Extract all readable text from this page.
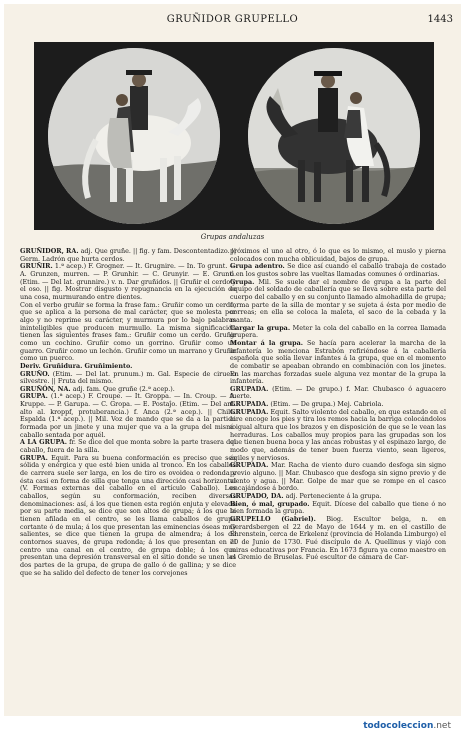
GRUÑIDOR GRUPELLO	1443
Grupas andaluzas

GRUÑIDOR, RA. adj. Que gruñe. || fig. y fam. Descontentadizo. || Germ. Ladrón que hurta cerdos.

GRUÑIR. 1.ª acep.) F. Grogner. — It. Grugnire. — In. To grunt. — A. Grunzen, murren. — P. Grunhir. — C. Grunyir. — E. Grunti. (Etim. — Del lat. grunnire.) v. n. Dar gruñidos. || Gruñir el cerdo y el oso. || fig. Mostrar disgusto y repugnancia en la ejecución de una cosa, murmurando entre dientes.

Con el verbo gruñir se forma la frase fam.: Gruñir como un cerdo, que se aplica a la persona de mal carácter, que se molesta por algo y no reprime su carácter, y murmura por lo bajo palabras ininteligibles que producen murmullo. La misma significación tienen las siguientes frases fam.: Gruñir como un cerdo. Gruñir como un cochino. Gruñir como un gorrino. Gruñir como un guarro. Gruñir como un lechón. Gruñir como un marrano y Gruñir como un puerco.

Deriv. Gruñidura. Gruñimiento.

GRUÑO. (Etim. — Del lat. prunum.) m. Gal. Especie de ciruelo silvestre. || Fruta del mismo.

GRUÑÓN, NA. adj. fam. Que gruñe (2.ª acep.).

GRUPA. (1.ª acep.) F. Croupe. — It. Groppa. — In. Croup. — A. Kruppe. — P. Garupa. — C. Gropa. — E. Postaĵo. (Etim. — Del ant. alto al. kroppf, protuberancia.) f. Anca (2.ª acep.). || Chile. Espalda (1.ª acep.). || Mil. Voz de mando que se da a la partida formada por un jinete y una mujer que va a la grupa del mismo caballo sentada por aquél.

A LA GRUPA. fr. Se dice del que monta sobre la parte trasera del caballo, fuera de la silla.

GRUPA. Equit. Para su buena conformación es preciso que sea sólida y enérgica y que esté bien unida al tronco. En los caballos de carrera suele ser larga, en los de tiro es ovoidea o redonda y ésta casi en forma de silla que tenga una dirección casi horizontal (V. Formas externas del caballo en el artículo Caballo). Los caballos, según su conformación, reciben diversas denominaciones: así, á los que tienen esta región enjuta y elevada por su parte media, se dice que son altos de grupa; á los que la tienen afilada en el centro, se les llama caballos de grupa cortante ó de mula; á los que presentan las eminencias óseas muy salientes, se dice que tienen la grupa de almendra; á los de contornos suaves, de grupa redonda; á los que presentan en el centro una canal en el centro, de grupa doble; á los que presentan una depresión transversal en el sitio donde se unen las dos partes de la grupa, de grupa de gallo ó de gallina; y se dice que se ha salido del defecto de tener los corvejones

próximos el uno al otro, ó lo que es lo mismo, el muslo y pierna colocados con mucha oblicuidad, bajos de grupa.

Grupa adentro. Se dice así cuando el caballo trabaja de costado ó en los gustos sobre las vueltas llamadas comunes ó ordinarias.

Grupa. Mil. Se suele dar el nombre de grupa a la parte del equipo del soldado de caballería que se lleva sobre esta parte del cuerpo del caballo y en su conjunto llamado almohadilla de grupa; forma parte de la silla de montar y se sujeta á ésta por medio de correas; en ella se coloca la maleta, el saco de la cebada y la manta.

Cargar la grupa. Meter la cola del caballo en la correa llamada grupera.

Montar á la grupa. Se hacía para acelerar la marcha de la infantería lo menciona Estrabón refiriéndose á la caballería española que solía llevar infantes á la grupa, que en el momento de combatir se apeaban obrando en combinación con los jinetes. En las marchas forzadas suele alguna vez montar de la grupa la infantería.

GRUPADA. (Etim. — De grupo.) f. Mar. Chubasco ó aguacero fuerte.

GRUPADA. (Etim. — De grupa.) Mej. Cabriola.

GRUPADA. Equit. Salto violento del caballo, en que estando en el aire encoge los pies y tira los remos hacia la barriga colocándolos á igual altura que los brazos y en disposición de que se le vean las herraduras. Los caballos muy propios para las grupadas son los que tienen buena boca y las ancas robustas y el espinazo largo, de modo que, además de tener buen fuerza viento, sean ligeros, ágiles y nerviosos.

GRUPADA. Mar. Racha de viento duro cuando desfoga sin signo previo alguno. || Mar. Chubasco que desfoga sin signo previo y de viento y agua. || Mar. Golpe de mar que se rompe en el casco encajándose á bordo.

GRUPADO, DA. adj. Perteneciente á la grupa.

Bien, ó mal, grupado. Equit. Dícese del caballo que tiene ó no bien formada la grupa.

GRUPELLO (Gabriel). Biog. Escultor belga, n. en Gerardsbergen el 22 de Mayo de 1644 y m. en el castillo de Ehrenstein, cerca de Erkelenz (provincia de Holanda Limburgo) el 20 de Junio de 1730. Fué discípulo de A. Quellinus y viajó con miras educativas por Francia. En 1673 figura ya como maestro en el Gremio de Bruselas. Fué escultor de cámara de Car-

todocoleccion.net
